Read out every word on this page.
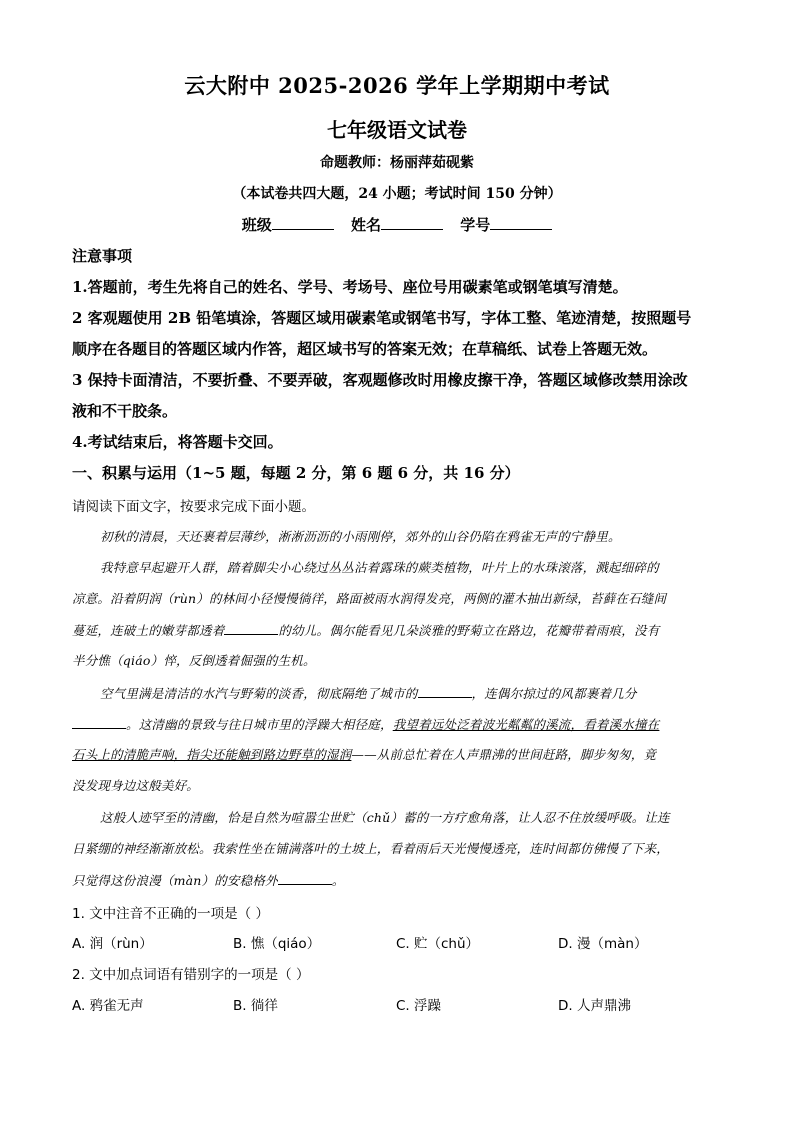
云大附中 2025-2026 学年上学期期中考试
七年级语文试卷
命题教师：杨丽萍茹砚紫
（本试卷共四大题，24 小题；考试时间 150 分钟）
班级	姓名	学号
注意事项
1.答题前，考生先将自己的姓名、学号、考场号、座位号用碳素笔或钢笔填写清楚。
2 客观题使用 2B 铅笔填涂，答题区域用碳素笔或钢笔书写，字体工整、笔迹清楚，按照题号
顺序在各题目的答题区域内作答，超区域书写的答案无效；在草稿纸、试卷上答题无效。
3 保持卡面清洁，不要折叠、不要弄破，客观题修改时用橡皮擦干净，答题区域修改禁用涂改
液和不干胶条。
4.考试结束后，将答题卡交回。
一、积累与运用（1~5 题，每题 2 分，第 6 题 6 分，共 16 分）
请阅读下面文字，按要求完成下面小题。
初秋的清晨，天还裹着层薄纱，淅淅沥沥的小雨刚停，郊外的山谷仍陷在鸦雀无声的宁静里。
我特意早起避开人群，踏着脚尖小心绕过丛丛沾着露珠的蕨类植物，叶片上的水珠滚落，溅起细碎的
凉意。沿着阴润（rùn）的林间小径慢慢徜徉，路面被雨水润得发亮，两侧的灌木抽出新绿，苔藓在石缝间
蔓延，连破土的嫩芽都透着	的幼儿。偶尔能看见几朵淡雅的野菊立在路边，花瓣带着雨痕，没有
半分憔（qiáo）悴，反倒透着倔强的生机。
空气里满是清洁的水汽与野菊的淡香，彻底隔绝了城市的	，连偶尔掠过的风都裹着几分
。这清幽的景致与往日城市里的浮躁大相径庭，我望着远处泛着波光粼粼的溪流，看着溪水撞在
石头上的清脆声响，指尖还能触到路边野草的湿润——从前总忙着在人声鼎沸的世间赶路，脚步匆匆，竟
没发现身边这般美好。
这般人迹罕至的清幽，恰是自然为喧嚣尘世贮（chǔ）蓄的一方疗愈角落，让人忍不住放缓呼吸。让连
日紧绷的神经渐渐放松。我索性坐在铺满落叶的土坡上，看着雨后天光慢慢透亮，连时间都仿佛慢了下来，
只觉得这份浪漫（màn）的安稳格外	。
1. 文中注音不正确的一项是（ ）
A. 润（rùn）	B. 憔（qiáo）	C. 贮（chǔ）	D. 漫（màn）
2. 文中加点词语有错别字的一项是（ ）
A. 鸦雀无声	B. 徜徉	C. 浮躁	D. 人声鼎沸
